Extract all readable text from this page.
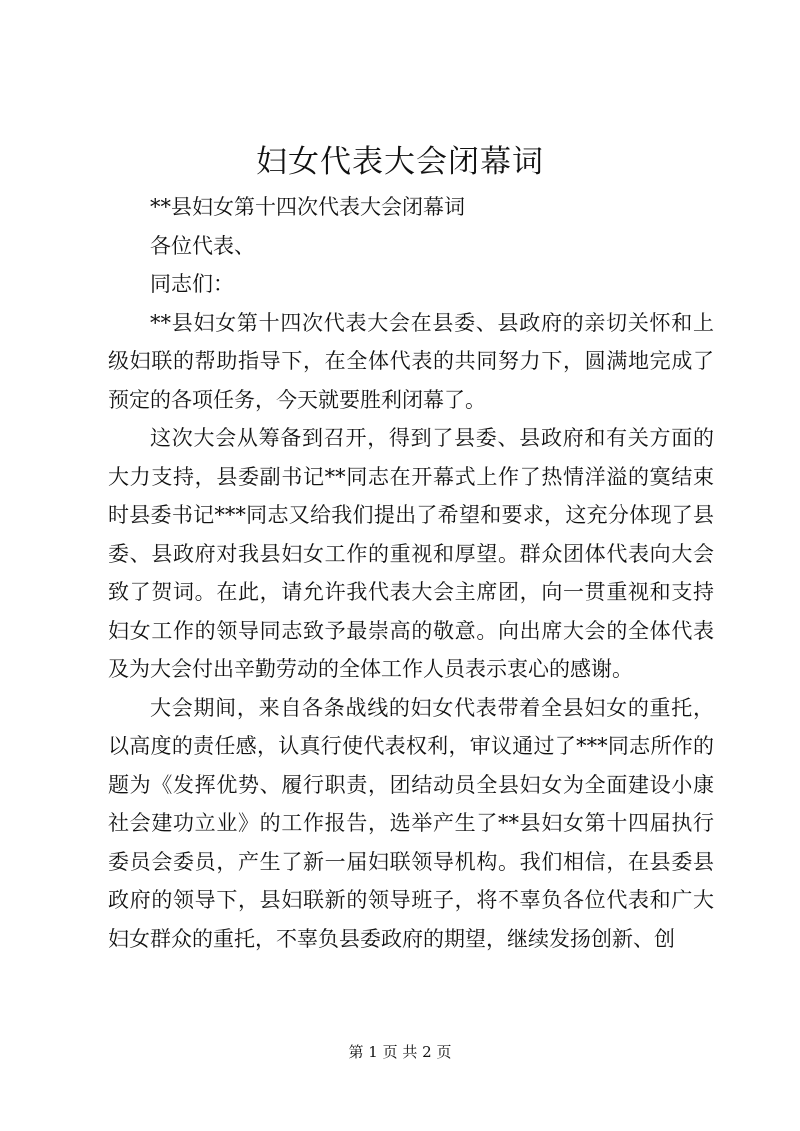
妇女代表大会闭幕词

**县妇女第十四次代表大会闭幕词

各位代表、

同志们：

**县妇女第十四次代表大会在县委、县政府的亲切关怀和上级妇联的帮助指导下，在全体代表的共同努力下，圆满地完成了预定的各项任务，今天就要胜利闭幕了。

这次大会从筹备到召开，得到了县委、县政府和有关方面的大力支持，县委副书记**同志在开幕式上作了热情洋溢的寞结束时县委书记***同志又给我们提出了希望和要求，这充分体现了县委、县政府对我县妇女工作的重视和厚望。群众团体代表向大会致了贺词。在此，请允许我代表大会主席团，向一贯重视和支持妇女工作的领导同志致予最崇高的敬意。向出席大会的全体代表及为大会付出辛勤劳动的全体工作人员表示衷心的感谢。

大会期间，来自各条战线的妇女代表带着全县妇女的重托，以高度的责任感，认真行使代表权利，审议通过了***同志所作的题为《发挥优势、履行职责，团结动员全县妇女为全面建设小康社会建功立业》的工作报告，选举产生了**县妇女第十四届执行委员会委员，产生了新一届妇联领导机构。我们相信，在县委县政府的领导下，县妇联新的领导班子，将不辜负各位代表和广大妇女群众的重托，不辜负县委政府的期望，继续发扬创新、创

第 1 页 共 2 页
